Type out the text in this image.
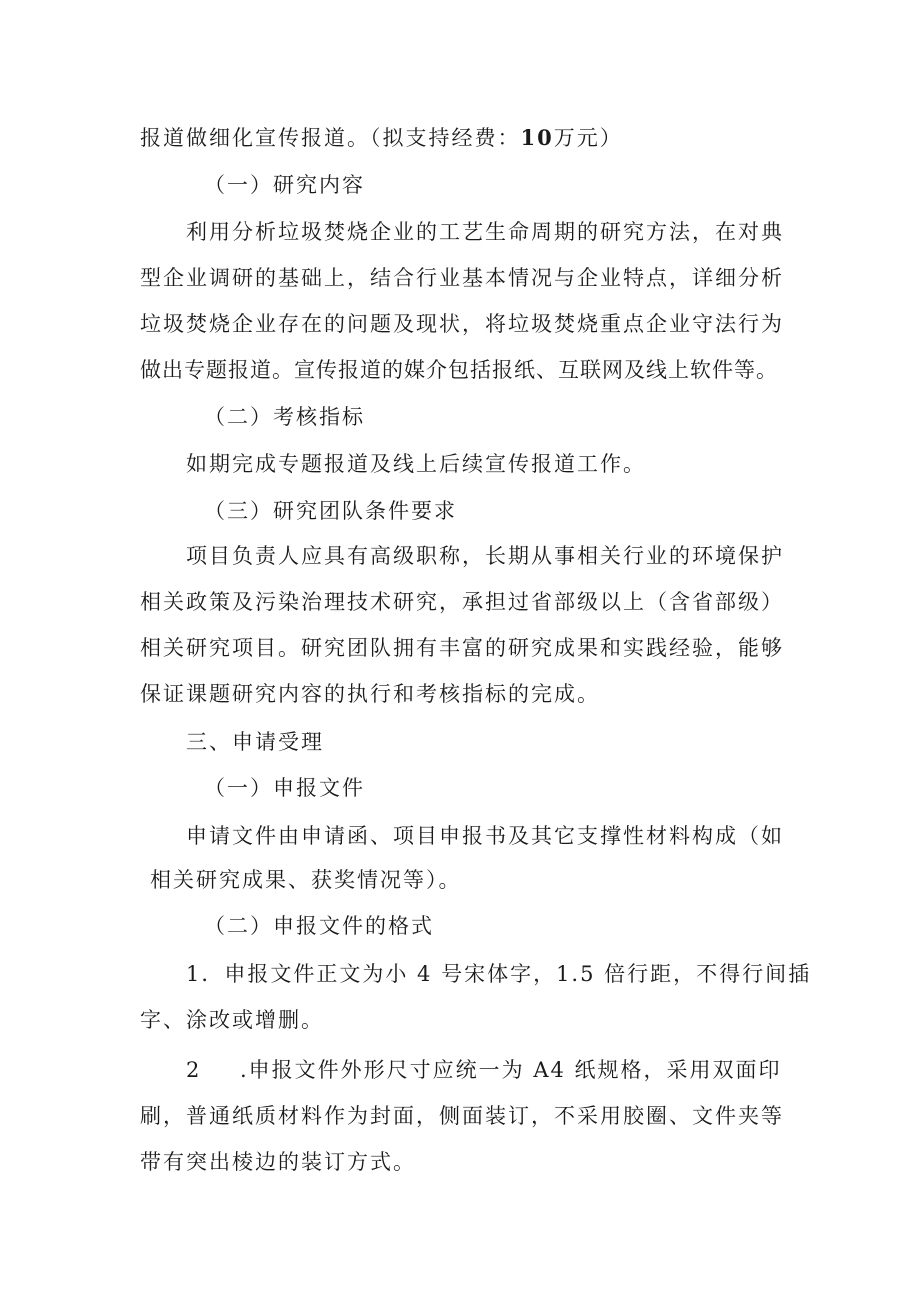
报道做细化宣传报道。（拟支持经费：10万元）
（一）研究内容
利用分析垃圾焚烧企业的工艺生命周期的研究方法，在对典
型企业调研的基础上，结合行业基本情况与企业特点，详细分析
垃圾焚烧企业存在的问题及现状，将垃圾焚烧重点企业守法行为
做出专题报道。宣传报道的媒介包括报纸、互联网及线上软件等。
（二）考核指标
如期完成专题报道及线上后续宣传报道工作。
（三）研究团队条件要求
项目负责人应具有高级职称，长期从事相关行业的环境保护
相关政策及污染治理技术研究，承担过省部级以上（含省部级）
相关研究项目。研究团队拥有丰富的研究成果和实践经验，能够
保证课题研究内容的执行和考核指标的完成。
三、申请受理
（一）申报文件
申请文件由申请函、项目申报书及其它支撑性材料构成（如
相关研究成果、获奖情况等）。
（二）申报文件的格式
1．申报文件正文为小 4 号宋体字，1.5 倍行距，不得行间插
字、涂改或增删。
2 .申报文件外形尺寸应统一为 A4 纸规格，采用双面印
刷，普通纸质材料作为封面，侧面装订，不采用胶圈、文件夹等
带有突出棱边的装订方式。
